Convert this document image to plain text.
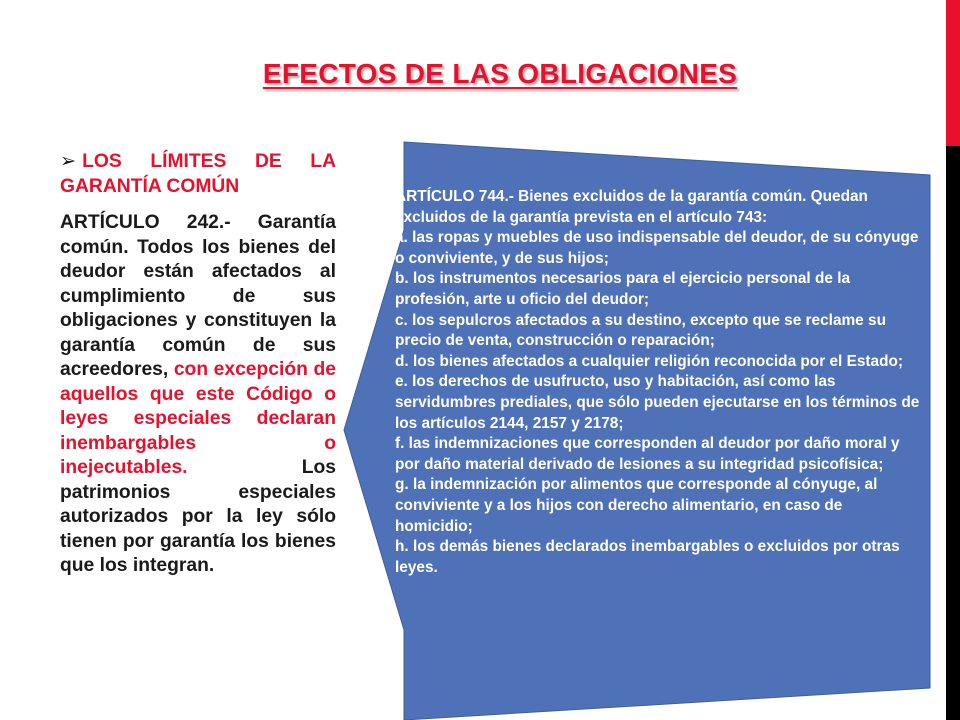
EFECTOS DE LAS OBLIGACIONES

➢ LOS LÍMITES DE LA GARANTÍA COMÚN

ARTÍCULO 242.- Garantía común. Todos los bienes del deudor están afectados al cumplimiento de sus obligaciones y constituyen la garantía común de sus acreedores, con excepción de aquellos que este Código o leyes especiales declaran inembargables o inejecutables.	Los patrimonios especiales autorizados por la ley sólo tienen por garantía los bienes que los integran.

ARTÍCULO 744.- Bienes excluidos de la garantía común. Quedan excluidos de la garantía prevista en el artículo 743:
a. las ropas y muebles de uso indispensable del deudor, de su cónyuge o conviviente, y de sus hijos;
b. los instrumentos necesarios para el ejercicio personal de la profesión, arte u oficio del deudor;
c. los sepulcros afectados a su destino, excepto que se reclame su precio de venta, construcción o reparación;
d. los bienes afectados a cualquier religión reconocida por el Estado;
e. los derechos de usufructo, uso y habitación, así como las servidumbres prediales, que sólo pueden ejecutarse en los términos de los artículos 2144, 2157 y 2178;
f. las indemnizaciones que corresponden al deudor por daño moral y por daño material derivado de lesiones a su integridad psicofísica;
g. la indemnización por alimentos que corresponde al cónyuge, al conviviente y a los hijos con derecho alimentario, en caso de homicidio;
h. los demás bienes declarados inembargables o excluidos por otras leyes.
